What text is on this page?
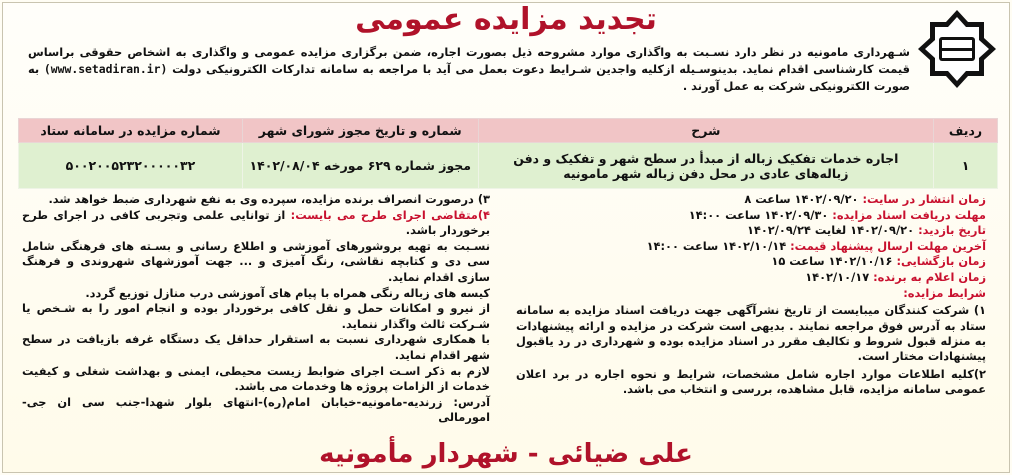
تجدید مزایده عمومی
شـهرداری مامونیه در نظر دارد نسـبت به واگذاری موارد مشروحه ذیل بصورت اجاره، ضمن برگزاری مزایده عمومی و واگذاری به اشخاص حقوقی براساس قیمت کارشناسی اقدام نماید. بدینوسـیله ازکلیه واجدین شـرایط دعوت بعمل می آید با مراجعه به سامانه تدارکات الکترونیکی دولت (www.setadiran.ir) به صورت الکترونیکی شرکت به عمل آورند .
ردیف	شرح	شماره و تاریخ مجوز شورای شهر	شماره مزایده در سامانه ستاد
۱	اجاره خدمات تفکیک زباله از مبدأ در سطح شهر و تفکیک و دفن زباله‌های عادی در محل دفن زباله شهر مامونیه	مجوز شماره ۶۲۹ مورخه ۱۴۰۲/۰۸/۰۴	۵۰۰۲۰۰۵۲۳۲۰۰۰۰۰۳۲
زمان انتشار در سایت: ۱۴۰۲/۰۹/۲۰ ساعت ۸
مهلت دریافت اسناد مزایده: ۱۴۰۲/۰۹/۳۰ ساعت ۱۴:۰۰
تاریخ بازدید: ۱۴۰۲/۰۹/۲۰ لغایت ۱۴۰۲/۰۹/۲۴
آخرین مهلت ارسال پیشنهاد قیمت: ۱۴۰۲/۱۰/۱۴ ساعت ۱۴:۰۰
زمان بازگشایی: ۱۴۰۲/۱۰/۱۶ ساعت ۱۵
زمان اعلام به برنده: ۱۴۰۲/۱۰/۱۷
شرایط مزایده:
۱) شرکت کنندگان میبایست از تاریخ نشرآگهی جهت دریافت اسناد مزایده به سامانه ستاد به آدرس فوق مراجعه نمایند . بدیهی است شرکت در مزایده و ارائه پیشنهادات به منزله قبول شروط و تکالیف مقرر در اسناد مزایده بوده و شهرداری در رد یاقبول پیشنهادات مختار است.
۲)کلیه اطلاعات موارد اجاره شامل مشخصات، شرایط و نحوه اجاره در برد اعلان عمومی سامانه مزایده، قابل مشاهده، بررسی و انتخاب می باشد.

۳) درصورت انصراف برنده مزایده، سپرده وی به نفع شهرداری ضبط خواهد شد.

۴)متقاضی اجرای طرح می بایست: از توانایی علمی وتجربی کافی در اجرای طرح برخوردار باشد.

نسـبت به تهیه بروشورهای آموزشی و اطلاع رسانی و بسـته های فرهنگی شامل سی دی و کتابچه نقاشی، رنگ آمیزی و ... جهت آموزشهای شهروندی و فرهنگ سازی اقدام نماید.

کیسه های زباله رنگی همراه با پیام های آموزشی درب منازل توزیع گردد.

از نیرو و امکانات حمل و نقل کافی برخوردار بوده و انجام امور را به شـخص یا شـرکت ثالث واگذار ننماید.

با همکاری شهرداری نسبت به استقرار حداقل یک دستگاه غرفه بازیافت در سطح شهر اقدام نماید.

لازم به ذکر اسـت اجرای ضوابط زیست محیطی، ایمنی و بهداشت شغلی و کیفیت خدمات از الزامات پروژه ها وخدمات می باشد.

آدرس: زرندیه-مامونیه-خیابان امام(ره)-انتهای بلوار شهدا-جنب سی ان جی-امورمالی

علی ضیائی - شهردار مأمونیه
